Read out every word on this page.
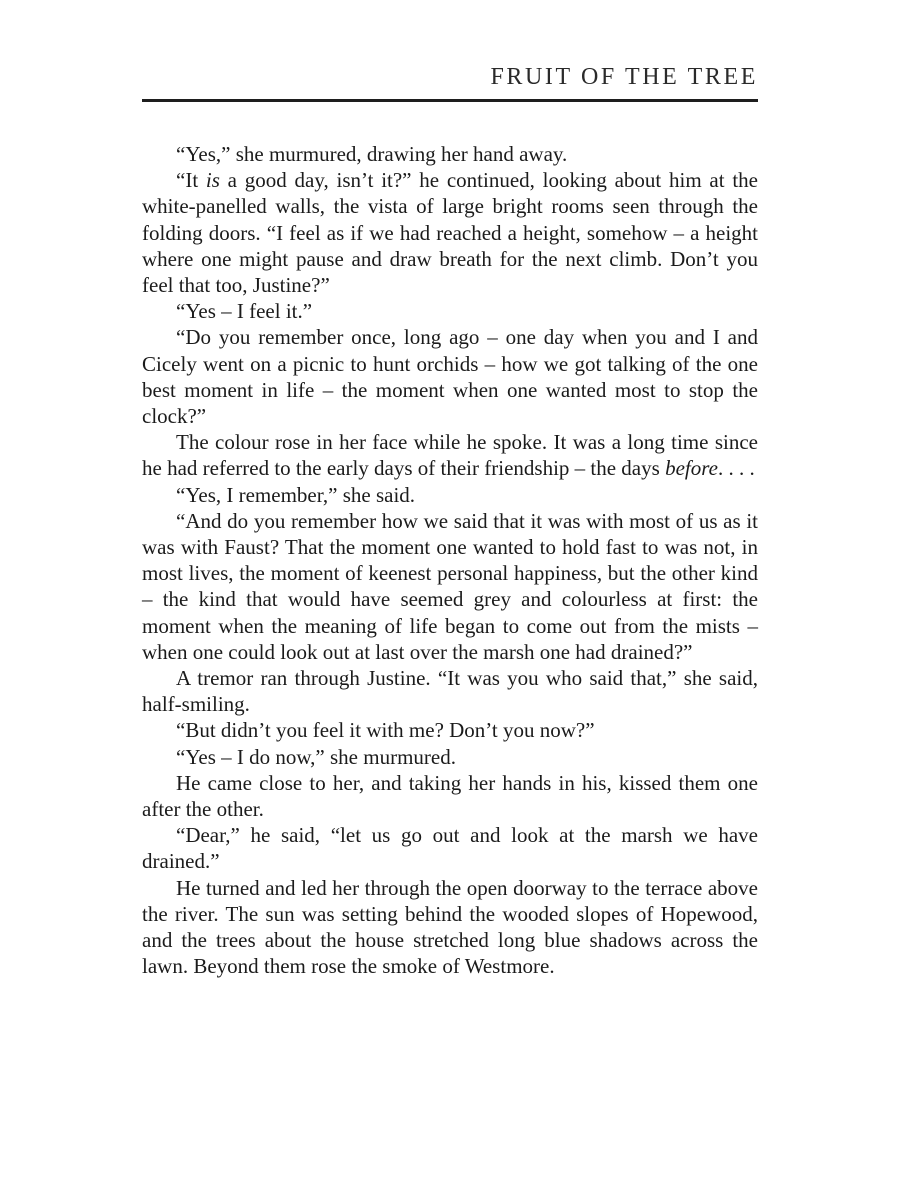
FRUIT OF THE TREE

“Yes,” she murmured, drawing her hand away.

“It is a good day, isn’t it?” he continued, looking about him at the white-panelled walls, the vista of large bright rooms seen through the folding doors. “I feel as if we had reached a height, somehow – a height where one might pause and draw breath for the next climb. Don’t you feel that too, Justine?”

“Yes – I feel it.”

“Do you remember once, long ago – one day when you and I and Cicely went on a picnic to hunt orchids – how we got talking of the one best moment in life – the moment when one wanted most to stop the clock?”

The colour rose in her face while he spoke. It was a long time since he had referred to the early days of their friendship – the days before. . . .

“Yes, I remember,” she said.

“And do you remember how we said that it was with most of us as it was with Faust? That the moment one wanted to hold fast to was not, in most lives, the moment of keenest personal happiness, but the other kind – the kind that would have seemed grey and colourless at first: the moment when the meaning of life began to come out from the mists – when one could look out at last over the marsh one had drained?”

A tremor ran through Justine. “It was you who said that,” she said, half-smiling.

“But didn’t you feel it with me? Don’t you now?”

“Yes – I do now,” she murmured.

He came close to her, and taking her hands in his, kissed them one after the other.

“Dear,” he said, “let us go out and look at the marsh we have drained.”

He turned and led her through the open doorway to the terrace above the river. The sun was setting behind the wooded slopes of Hopewood, and the trees about the house stretched long blue shadows across the lawn. Beyond them rose the smoke of Westmore.
